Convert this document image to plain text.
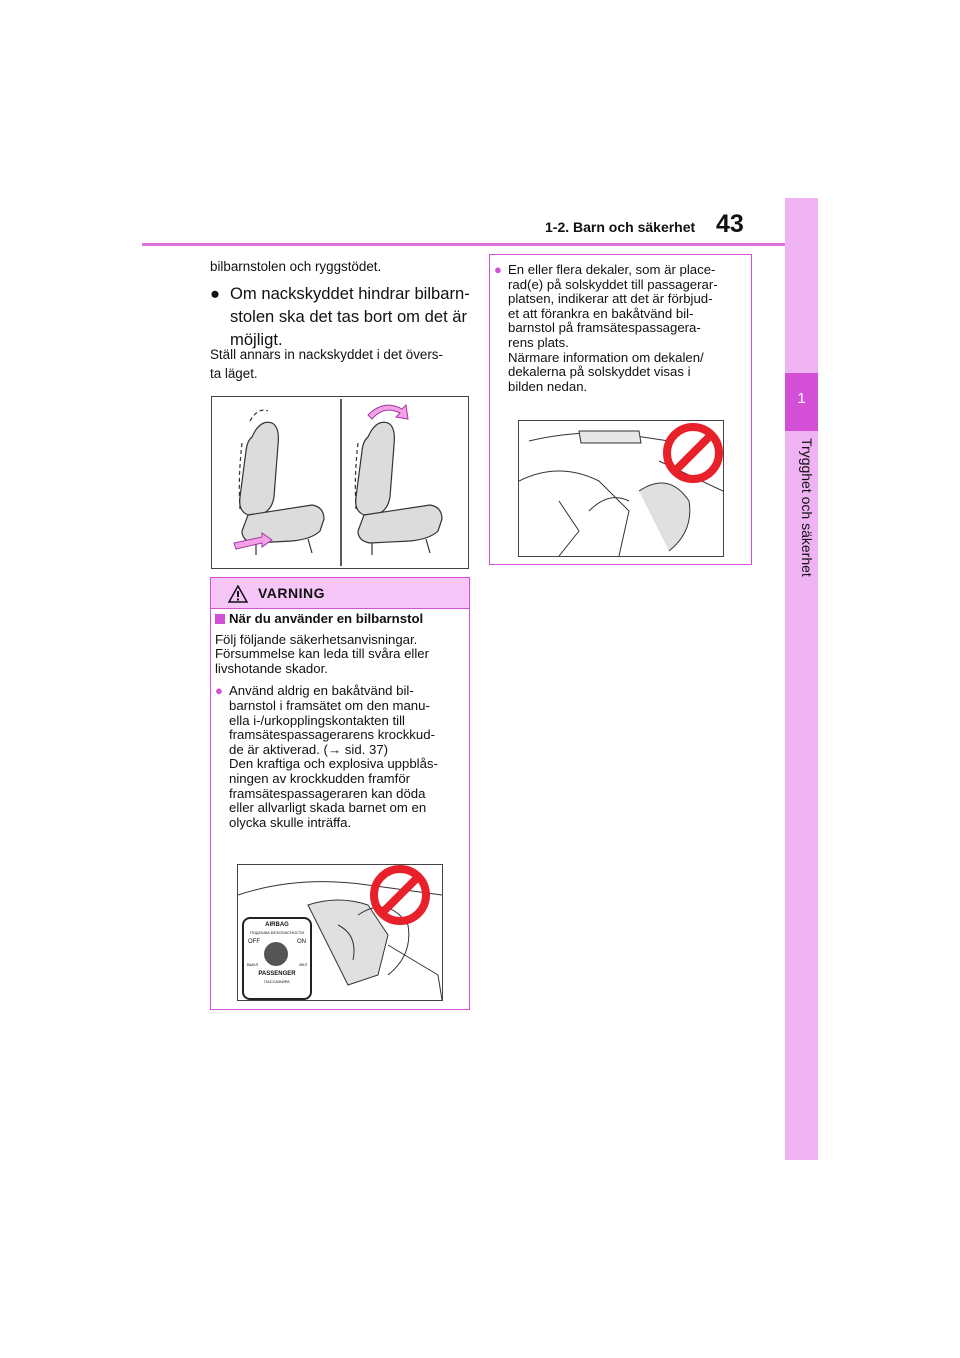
1-2. Barn och säkerhet 43
1
Trygghet och säkerhet
bilbarnstolen och ryggstödet.
● Om nackskyddet hindrar bilbarn-stolen ska det tas bort om det är möjligt.
Ställ annars in nackskyddet i det övers-
ta läget.
VARNING
När du använder en bilbarnstol
Följ följande säkerhetsanvisningar.
Försummelse kan leda till svåra eller
livshotande skador.
● Använd aldrig en bakåtvänd bil-
barnstol i framsätet om den manu-
ella i-/urkopplingskontakten till
framsätespassagerarens krockkud-
de är aktiverad. (→ sid. 37)
Den kraftiga och explosiva uppblås-
ningen av krockkudden framför
framsätespassageraren kan döda
eller allvarligt skada barnet om en
olycka skulle inträffa.
AIRBAG
ПОДУШКА БЕЗОПАСНОСТИ
OFF	ON
ВЫКЛ	ВКЛ
PASSENGER
ПАССАЖИРА
● En eller flera dekaler, som är place-
rad(e) på solskyddet till passagerar-
platsen, indikerar att det är förbjud-
et att förankra en bakåtvänd bil-
barnstol på framsätespassagera-
rens plats.
Närmare information om dekalen/
dekalerna på solskyddet visas i
bilden nedan.
